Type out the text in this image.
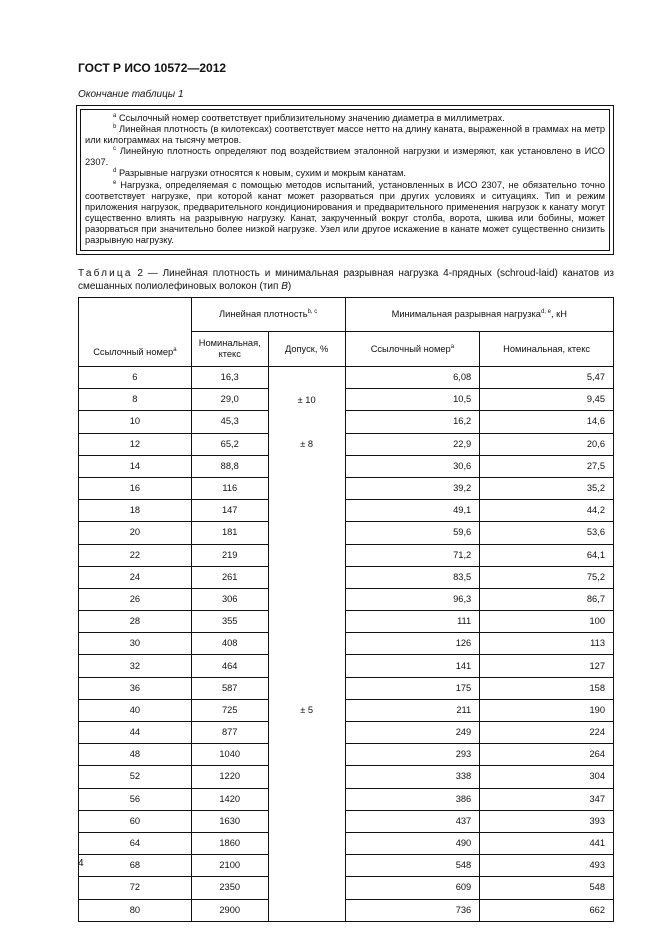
ГОСТ Р ИСО 10572—2012
Окончание таблицы 1

$^a$ Ссылочный номер соответствует приблизительному значению диаметра в миллиметрах.

$^b$ Линейная плотность (в килотексах) соответствует массе нетто на длину каната, выраженной в граммах на метр или килограммах на тысячу метров.

$^c$ Линейную плотность определяют под воздействием эталонной нагрузки и измеряют, как установлено в ИСО 2307.

$^d$ Разрывные нагрузки относятся к новым, сухим и мокрым канатам.

$^e$ Нагрузка, определяемая с помощью методов испытаний, установленных в ИСО 2307, не обязательно точно соответствует нагрузке, при которой канат может разорваться при других условиях и ситуациях. Тип и режим приложения нагрузок, предварительного кондиционирования и предварительного применения нагрузок к канату могут существенно влиять на разрывную нагрузку. Канат, закрученный вокруг столба, ворота, шкива или бобины, может разорваться при значительно более низкой нагрузке. Узел или другое искажение в канате может существенно снизить разрывную нагрузку.

Таблица 2 — Линейная плотность и минимальная разрывная нагрузка 4-прядных (schroud-laid) канатов из смешанных полиолефиновых волокон (тип B)
Ссылочный номер$^a$	Линейная плотность$^{b, c}$		Минимальная разрывная нагрузка$^{d, e}$, кН	
	Номинальная, ктекс	Допуск, %	Ссылочный номер$^a$	Номинальная, ктекс
6	16,3	± 10	6,08	5,47
8	29,0		10,5	9,45
10	45,3		16,2	14,6
12	65,2	± 8	22,9	20,6
14	88,8		30,6	27,5
16	116		39,2	35,2
18	147		49,1	44,2
20	181		59,6	53,6
22	219		71,2	64,1
24	261		83,5	75,2
26	306		96,3	86,7
28	355		111	100
30	408		126	113
32	464		141	127
36	587		175	158
40	725	± 5	211	190
44	877		249	224
48	1040		293	264
52	1220		338	304
56	1420		386	347
60	1630		437	393
64	1860		490	441
68	2100		548	493
72	2350		609	548
80	2900		736	662
4
